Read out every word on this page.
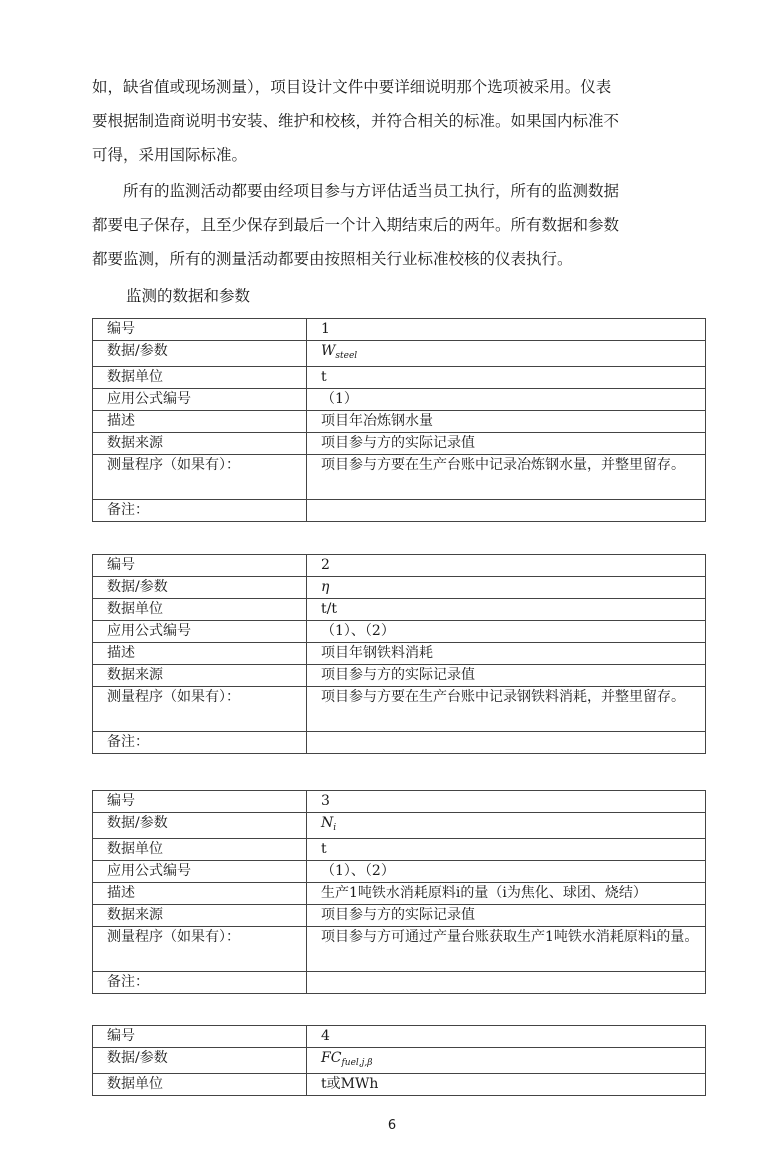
如，缺省值或现场测量），项目设计文件中要详细说明那个选项被采用。仪表
要根据制造商说明书安装、维护和校核，并符合相关的标准。如果国内标准不
可得，采用国际标准。

　　所有的监测活动都要由经项目参与方评估适当员工执行，所有的监测数据
都要电子保存，且至少保存到最后一个计入期结束后的两年。所有数据和参数
都要监测，所有的测量活动都要由按照相关行业标准校核的仪表执行。

监测的数据和参数
编号	1
数据/参数	$W_{steel}$
数据单位	t
应用公式编号	（1）
描述	项目年冶炼钢水量
数据来源	项目参与方的实际记录值
测量程序（如果有）：	项目参与方要在生产台账中记录冶炼钢水量，并整里留存。
备注：	
编号	2
数据/参数	η
数据单位	t/t
应用公式编号	（1）、（2）
描述	项目年钢铁料消耗
数据来源	项目参与方的实际记录值
测量程序（如果有）：	项目参与方要在生产台账中记录钢铁料消耗，并整里留存。
备注：	
编号	3
数据/参数	$N_i$
数据单位	t
应用公式编号	（1）、（2）
描述	生产1吨铁水消耗原料i的量（i为焦化、球团、烧结）
数据来源	项目参与方的实际记录值
测量程序（如果有）：	项目参与方可通过产量台账获取生产1吨铁水消耗原料i的量。
备注：	
编号	4
数据/参数	$FC_{fuel,j,\beta}$
数据单位	t或MWh
6
